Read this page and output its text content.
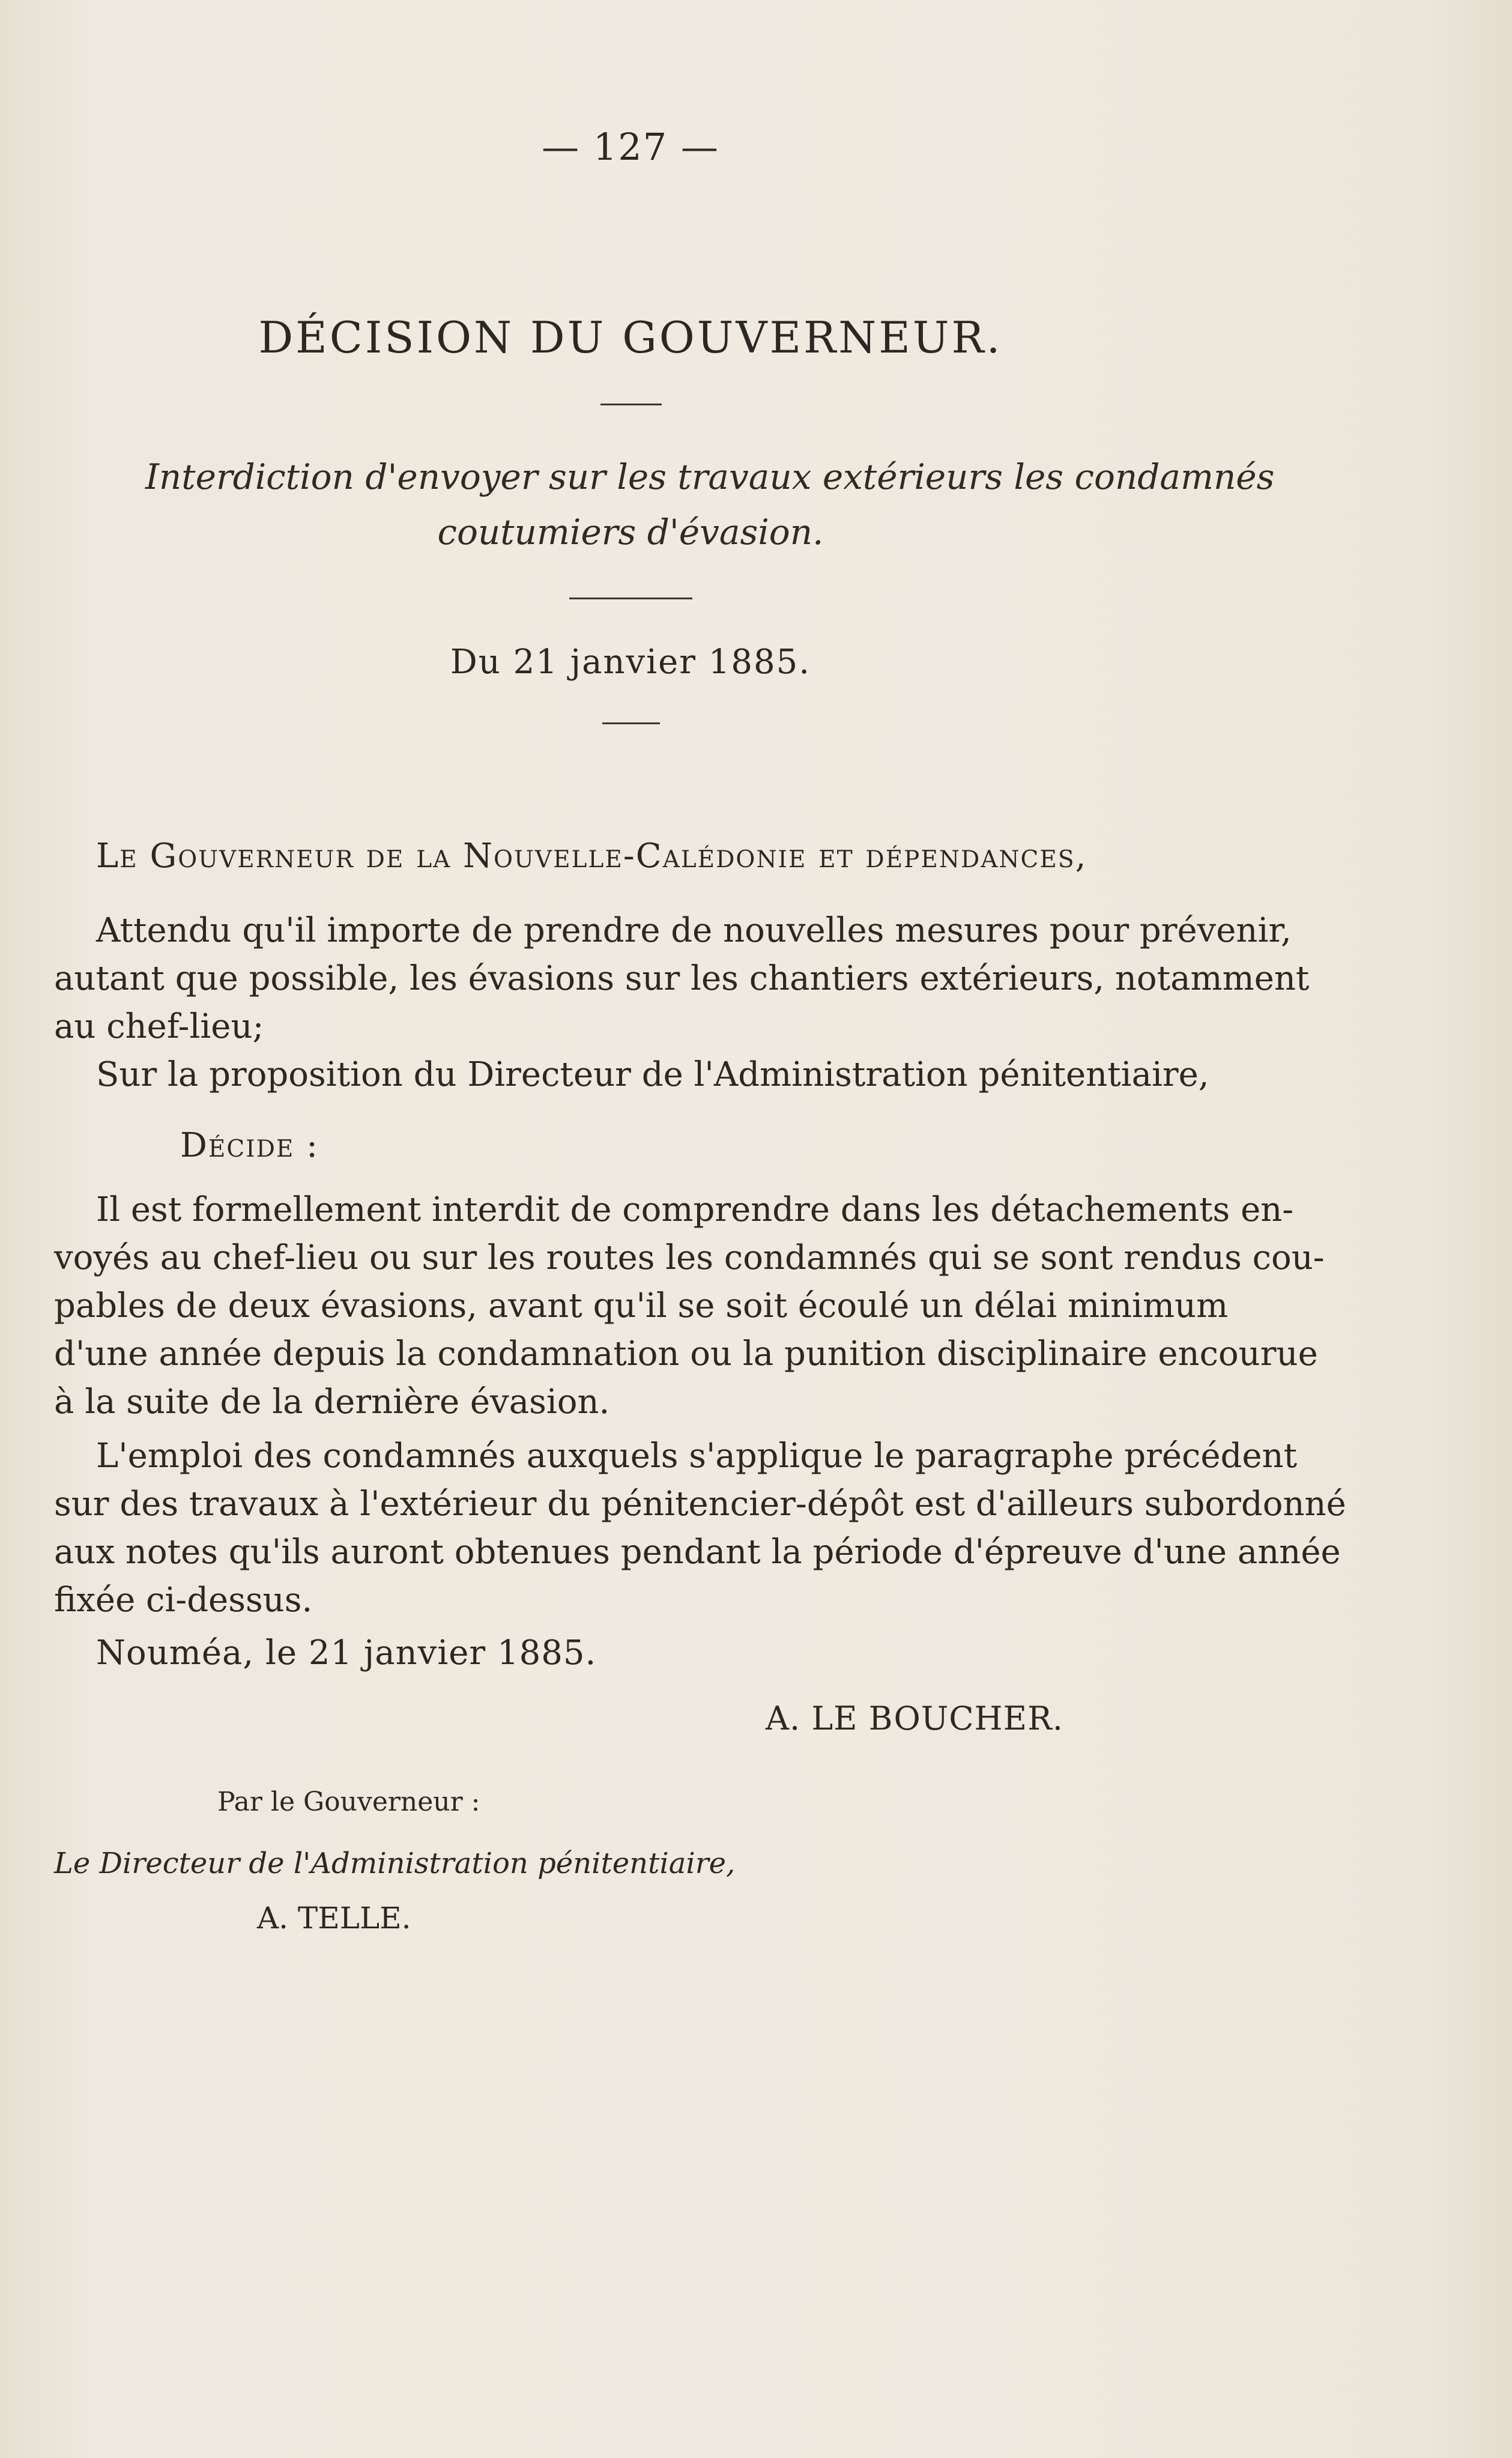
— 127 —
DÉCISION DU GOUVERNEUR.
Interdiction d'envoyer sur les travaux extérieurs les condamnés
coutumiers d'évasion.
Du 21 janvier 1885.
Le Gouverneur de la Nouvelle-Calédonie et dépendances,
Attendu qu'il importe de prendre de nouvelles mesures pour prévenir,
autant que possible, les évasions sur les chantiers extérieurs, notamment
au chef-lieu;
Sur la proposition du Directeur de l'Administration pénitentiaire,
Décide :
Il est formellement interdit de comprendre dans les détachements en-
voyés au chef-lieu ou sur les routes les condamnés qui se sont rendus cou-
pables de deux évasions, avant qu'il se soit écoulé un délai minimum
d'une année depuis la condamnation ou la punition disciplinaire encourue
à la suite de la dernière évasion.
L'emploi des condamnés auxquels s'applique le paragraphe précédent
sur des travaux à l'extérieur du pénitencier-dépôt est d'ailleurs subordonné
aux notes qu'ils auront obtenues pendant la période d'épreuve d'une année
fixée ci-dessus.
Nouméa, le 21 janvier 1885.
A. LE BOUCHER.
Par le Gouverneur :
Le Directeur de l'Administration pénitentiaire,
A. TELLE.
